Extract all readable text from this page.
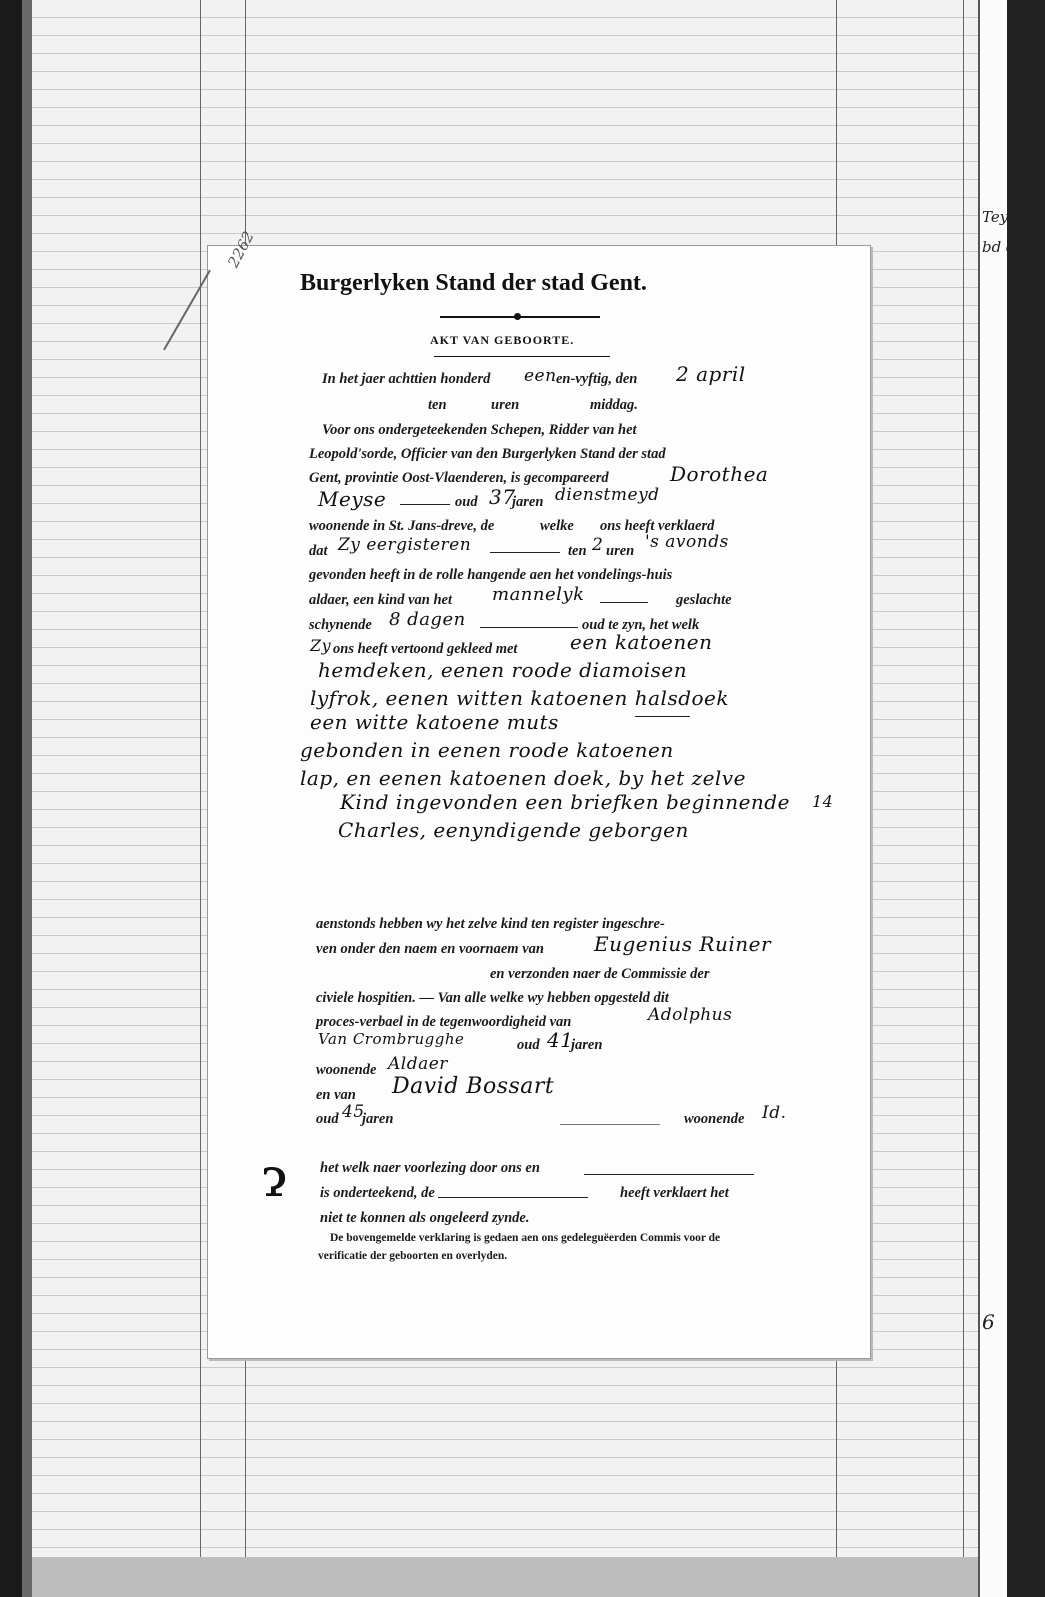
2262
Burgerlyken Stand der stad Gent.
AKT VAN GEBOORTE.
In het jaer achttien honderd een en-vyftig, den 2 april
ten	uren	middag.
Voor ons ondergeteekenden Schepen, Ridder van het
Leopold'sorde, Officier van den Burgerlyken Stand der stad
Gent, provintie Oost-Vlaenderen, is gecompareerd	Dorothea
Meyse	oud 37
jaren dienstmeyd
woonende in St. Jans-dreve, de	welke ons heeft verklaerd
dat Zy eergisteren	ten 2 uren 's avonds
gevonden heeft in de rolle hangende aen het vondelings-huis
aldaer, een kind van het mannelyk	geslachte
schynende 8 dagen	oud te zyn, het welk
Zy ons heeft vertoond gekleed met	een katoenen
hemdeken, eenen roode diamoisen
lyfrok, eenen witten katoenen halsdoek
een witte katoene muts
gebonden in eenen roode katoenen
lap, en eenen katoenen doek, by het zelve
Kind ingevonden een briefken beginnende
Charles, eenyndigende geborgen
14
aenstonds hebben wy het zelve kind ten register ingeschre-
ven onder den naem en voornaem van	Eugenius Ruiner
en verzonden naer de Commissie der
civiele hospitien. — Van alle welke wy hebben opgesteld dit
proces-verbael in de tegenwoordigheid van	Adolphus
Van Crombrugghe	oud 41
jaren
woonende Aldaer
en van David Bossart
oud 45
jaren	woonende Id.
ɂ het welk naer voorlezing door ons en
is onderteekend, de	heeft verklaert het
niet te konnen als ongeleerd zynde.
De bovengemelde verklaring is gedaen aen ons gedeleguëerden Commis voor de
verificatie der geboorten en overlyden.
Teyl
bd de
6
